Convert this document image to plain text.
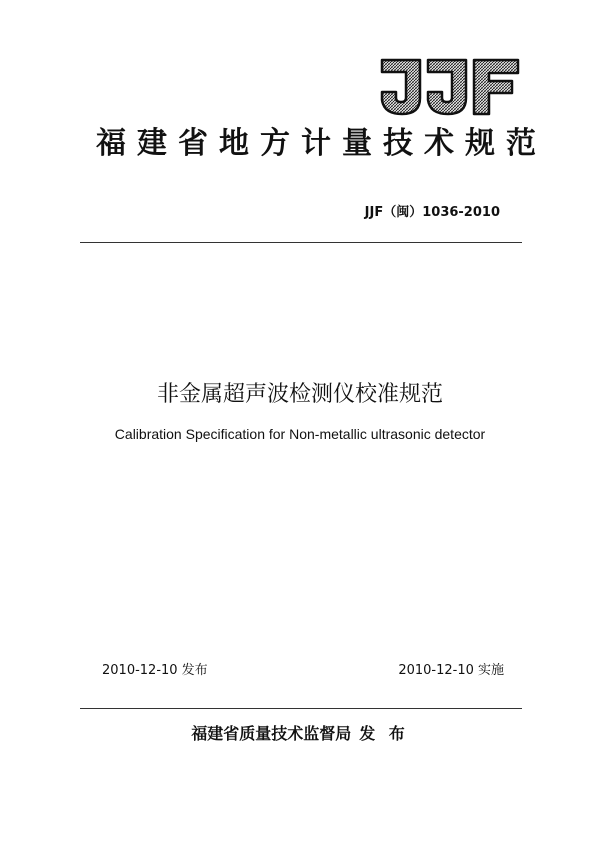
福建省地方计量技术规范
JJF（闽）1036-2010
非金属超声波检测仪校准规范
Calibration Specification for Non-metallic ultrasonic detector
2010-12-10 发布	2010-12-10 实施
福建省质量技术监督局 发 布
